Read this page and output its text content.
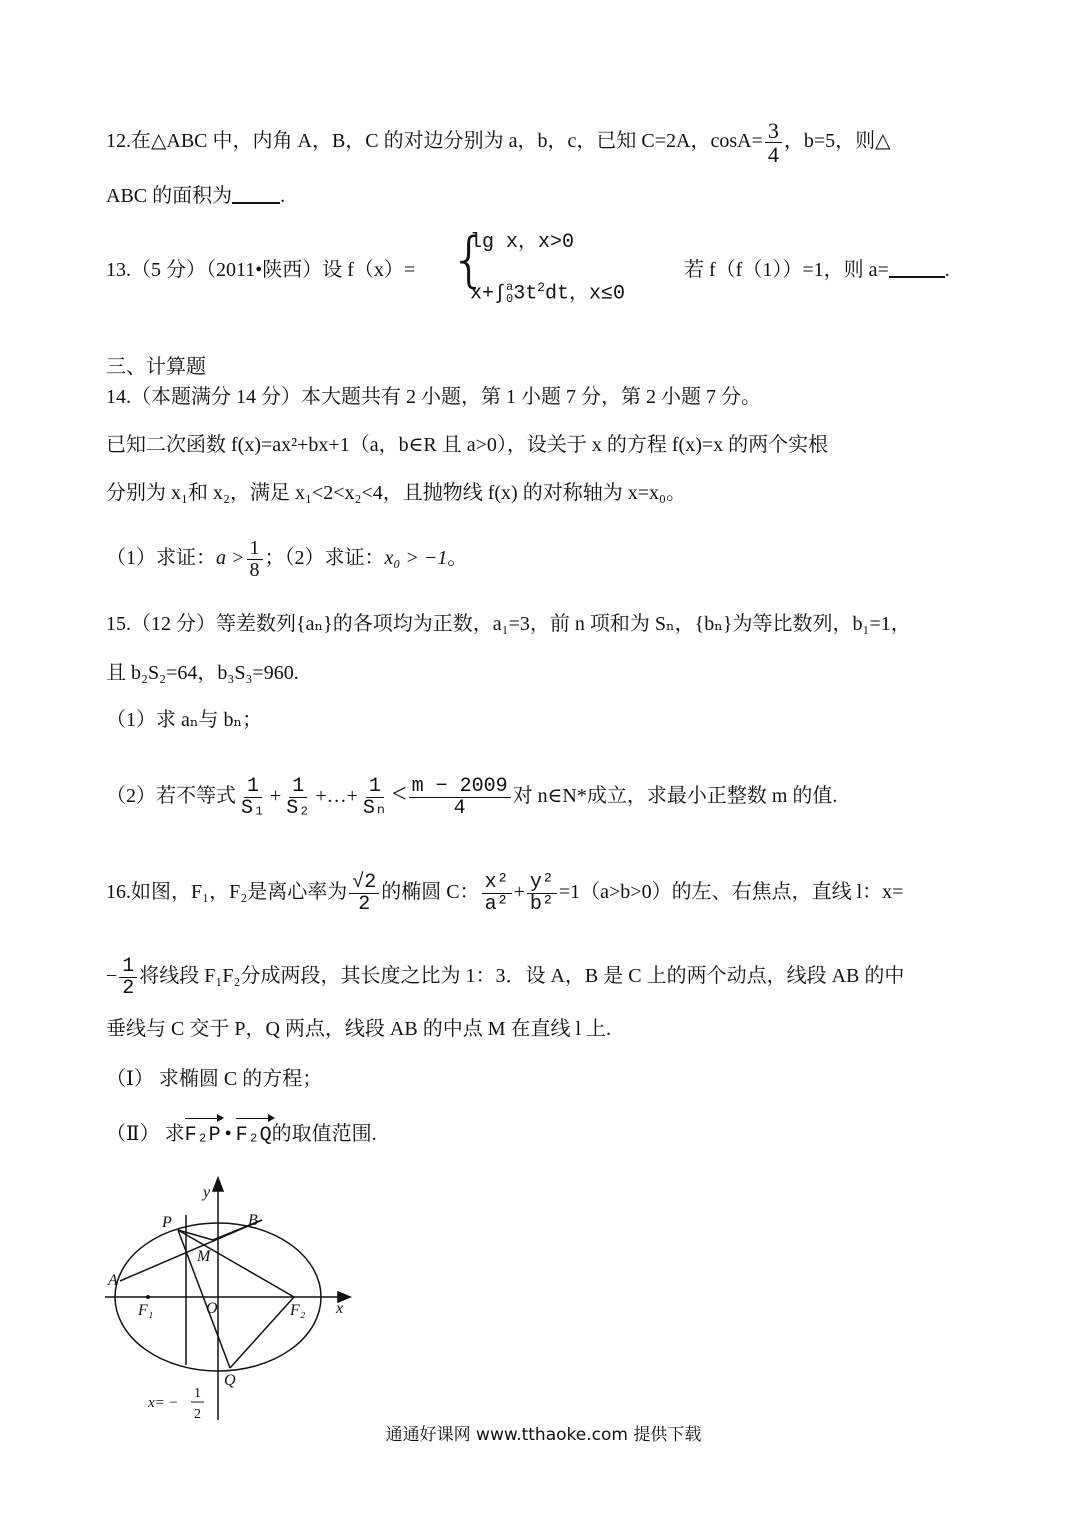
12.在△ABC 中，内角 A，B，C 的对边分别为 a，b，c，已知 C=2A，$\cos A= \frac{3}{4}$ ，b=5，则△
ABC 的面积为 .
13.（5 分）（2011•陕西）设 f（x）= {
lg x，x>0
x+∫ a
0 $3t^2dt$，x≤0
若 f（f（1））=1，则 a=	.
三、计算题
14.（本题满分 14 分）本大题共有 2 小题，第 1 小题 7 分，第 2 小题 7 分。
已知二次函数 f(x)=ax²+bx+1（a，b∈R 且 a>0），设关于 x 的方程 f(x)=x 的两个实根
分别为 x₁和 x₂，满足 x₁<2<x₂<4，且抛物线 f(x) 的对称轴为 x=x₀。
（1）求证：$a > \frac{1}{8}$ ；（2）求证：x₀ > −1。
15.（12 分）等差数列{aₙ}的各项均为正数，a₁=3，前 n 项和为 Sₙ，{bₙ}为等比数列，b₁=1，
且 b₂S₂=64，b₃S₃=960.
（1）求 aₙ与 bₙ；
（2）若不等式 $\frac{1}{\text{S₁}} + \frac{1}{\text{S₂}}$ +…+ $\frac{1}{\text{Sₙ}} < \frac{m - 2009}{4}$ 对 n∈N*成立，求最小正整数 m 的值.
16.如图，F₁，F₂是离心率为 $\frac{√2}{2}$ 的椭圆 C： $\frac{\text{x²}}{\text{a²}} + \frac{\text{y²}}{\text{b²}} =1(a>b>0)$的左、右焦点，直线 l：x=
− $\frac{1}{2}$ 将线段 F₁F₂分成两段，其长度之比为 1：3．设 A，B 是 C 上的两个动点，线段 AB 的中
垂线与 C 交于 P，Q 两点，线段 AB 的中点 M 在直线 l 上.
（Ⅰ） 求椭圆 C 的方程；
（Ⅱ） 求F₂P • F₂Q的取值范围.
y
x
P	B
M
A
F₁	O	F₂
Q
x= −
1
2
通通好课网 www.tthaoke.com 提供下载
